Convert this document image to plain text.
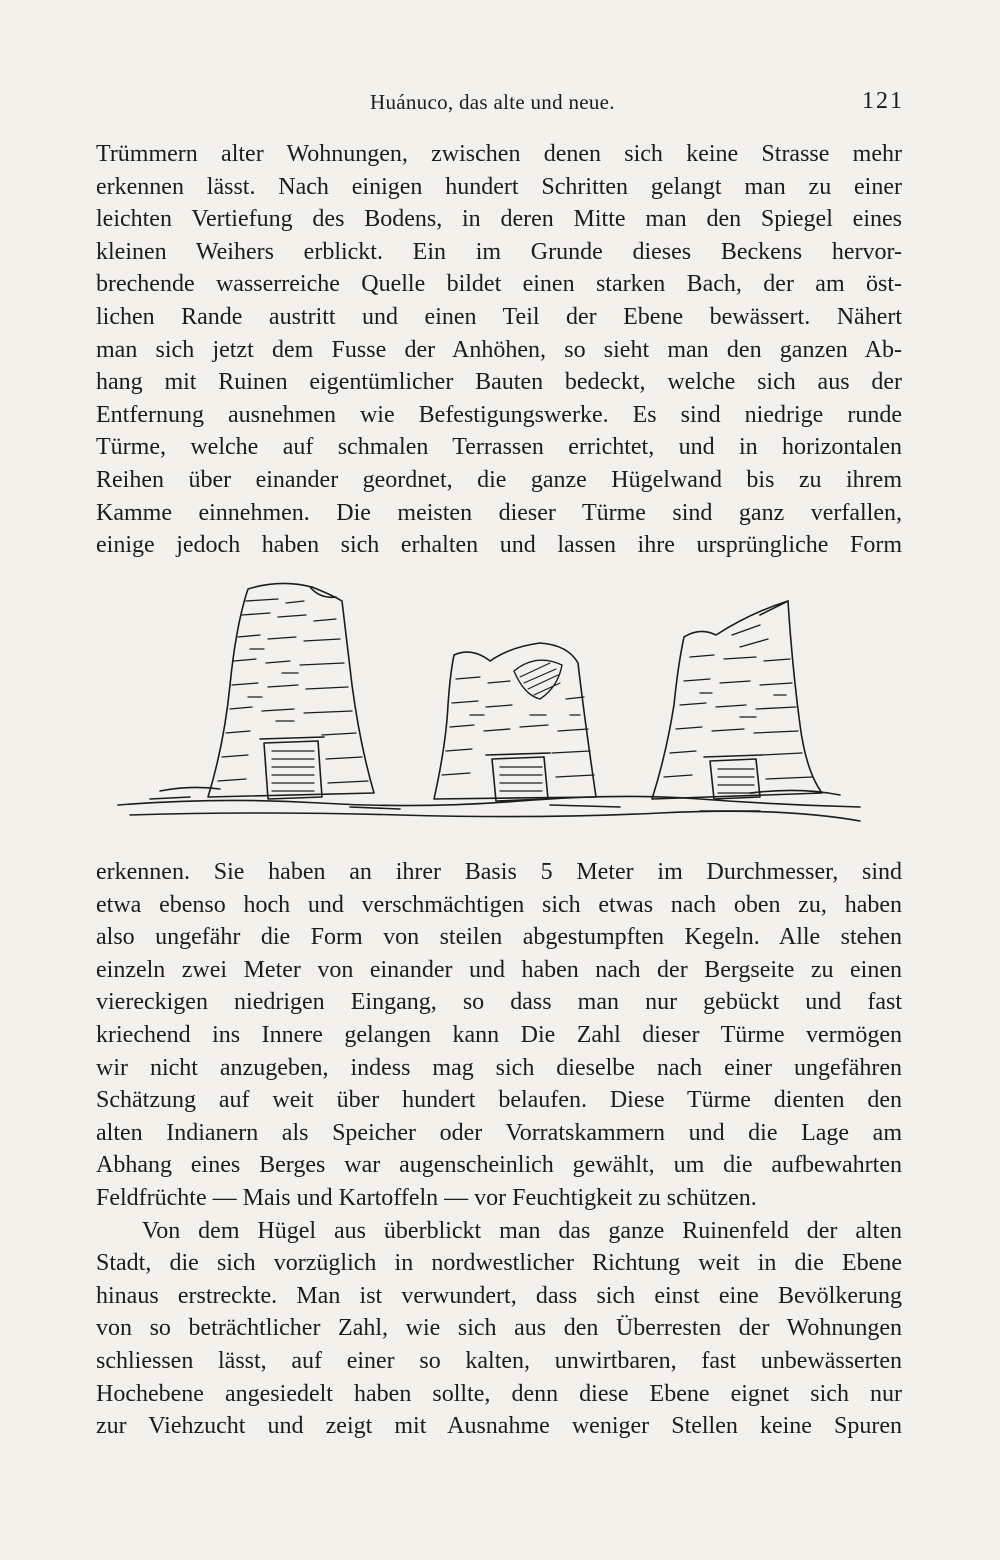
Huánuco, das alte und neue.	121
Trümmern alter Wohnungen, zwischen denen sich keine Strasse mehr
erkennen lässt. Nach einigen hundert Schritten gelangt man zu einer
leichten Vertiefung des Bodens, in deren Mitte man den Spiegel eines
kleinen Weihers erblickt. Ein im Grunde dieses Beckens hervor-
brechende wasserreiche Quelle bildet einen starken Bach, der am öst-
lichen Rande austritt und einen Teil der Ebene bewässert. Nähert
man sich jetzt dem Fusse der Anhöhen, so sieht man den ganzen Ab-
hang mit Ruinen eigentümlicher Bauten bedeckt, welche sich aus der
Entfernung ausnehmen wie Befestigungswerke. Es sind niedrige runde
Türme, welche auf schmalen Terrassen errichtet, und in horizontalen
Reihen über einander geordnet, die ganze Hügelwand bis zu ihrem
Kamme einnehmen. Die meisten dieser Türme sind ganz verfallen,
einige jedoch haben sich erhalten und lassen ihre ursprüngliche Form
erkennen. Sie haben an ihrer Basis 5 Meter im Durchmesser, sind
etwa ebenso hoch und verschmächtigen sich etwas nach oben zu, haben
also ungefähr die Form von steilen abgestumpften Kegeln. Alle stehen
einzeln zwei Meter von einander und haben nach der Bergseite zu einen
viereckigen niedrigen Eingang, so dass man nur gebückt und fast
kriechend ins Innere gelangen kann Die Zahl dieser Türme vermögen
wir nicht anzugeben, indess mag sich dieselbe nach einer ungefähren
Schätzung auf weit über hundert belaufen. Diese Türme dienten den
alten Indianern als Speicher oder Vorratskammern und die Lage am
Abhang eines Berges war augenscheinlich gewählt, um die aufbewahrten
Feldfrüchte — Mais und Kartoffeln — vor Feuchtigkeit zu schützen.
Von dem Hügel aus überblickt man das ganze Ruinenfeld der alten
Stadt, die sich vorzüglich in nordwestlicher Richtung weit in die Ebene
hinaus erstreckte. Man ist verwundert, dass sich einst eine Bevölkerung
von so beträchtlicher Zahl, wie sich aus den Überresten der Wohnungen
schliessen lässt, auf einer so kalten, unwirtbaren, fast unbewässerten
Hochebene angesiedelt haben sollte, denn diese Ebene eignet sich nur
zur Viehzucht und zeigt mit Ausnahme weniger Stellen keine Spuren
